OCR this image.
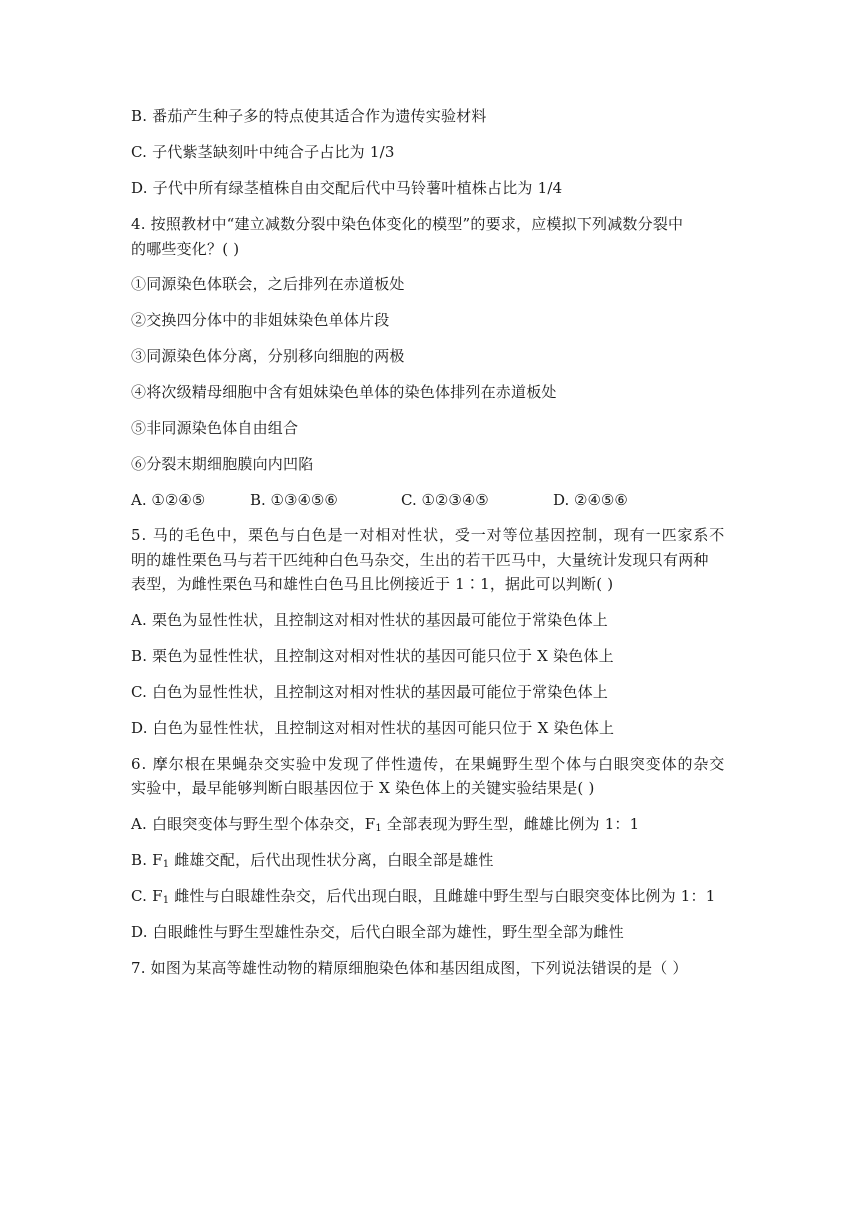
B. 番茄产生种子多的特点使其适合作为遗传实验材料
C. 子代紫茎缺刻叶中纯合子占比为 1/3
D. 子代中所有绿茎植株自由交配后代中马铃薯叶植株占比为 1/4
4. 按照教材中“建立减数分裂中染色体变化的模型”的要求，应模拟下列减数分裂中
的哪些变化？( )
①同源染色体联会，之后排列在赤道板处
②交换四分体中的非姐妹染色单体片段
③同源染色体分离，分别移向细胞的两极
④将次级精母细胞中含有姐妹染色单体的染色体排列在赤道板处
⑤非同源染色体自由组合
⑥分裂末期细胞膜向内凹陷
A. ①②④⑤	B. ①③④⑤⑥	C. ①②③④⑤	D. ②④⑤⑥
5. 马的毛色中，栗色与白色是一对相对性状，受一对等位基因控制，现有一匹家系不
明的雄性栗色马与若干匹纯种白色马杂交，生出的若干匹马中，大量统计发现只有两种
表型，为雌性栗色马和雄性白色马且比例接近于 1∶1，据此可以判断( )
A. 栗色为显性性状，且控制这对相对性状的基因最可能位于常染色体上
B. 栗色为显性性状，且控制这对相对性状的基因可能只位于 X 染色体上
C. 白色为显性性状，且控制这对相对性状的基因最可能位于常染色体上
D. 白色为显性性状，且控制这对相对性状的基因可能只位于 X 染色体上
6. 摩尔根在果蝇杂交实验中发现了伴性遗传，在果蝇野生型个体与白眼突变体的杂交
实验中，最早能够判断白眼基因位于 X 染色体上的关键实验结果是( )
A. 白眼突变体与野生型个体杂交，$F_1$ 全部表现为野生型，雌雄比例为 1：1
B. $F_1$ 雌雄交配，后代出现性状分离，白眼全部是雄性
C. $F_1$ 雌性与白眼雄性杂交，后代出现白眼，且雌雄中野生型与白眼突变体比例为 1：1
D. 白眼雌性与野生型雄性杂交，后代白眼全部为雄性，野生型全部为雌性
7. 如图为某高等雄性动物的精原细胞染色体和基因组成图，下列说法错误的是（ ）
